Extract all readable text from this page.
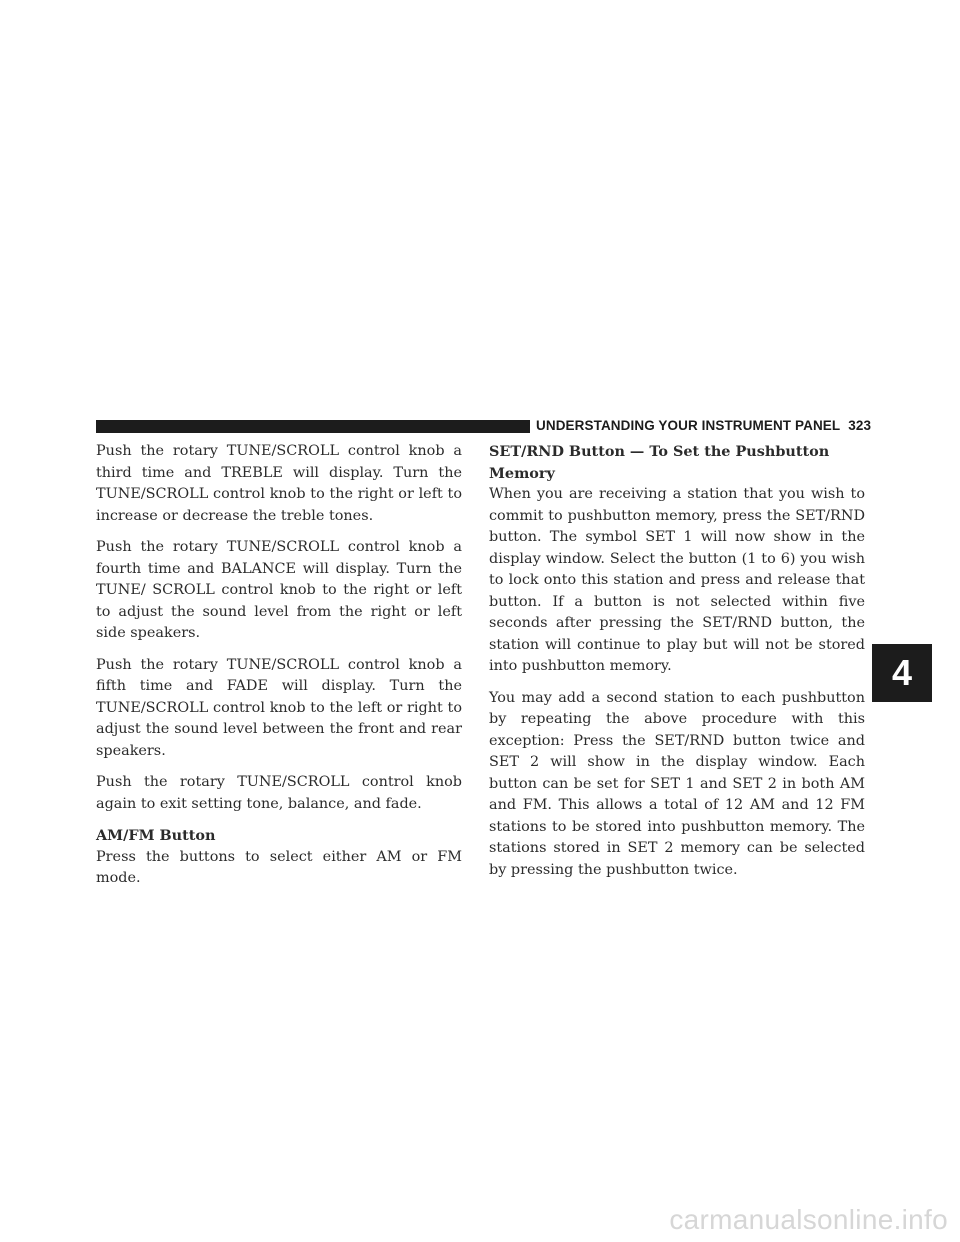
UNDERSTANDING YOUR INSTRUMENT PANEL 323

Push the rotary TUNE/SCROLL control knob a third time and TREBLE will display. Turn the TUNE/SCROLL control knob to the right or left to increase or decrease the treble tones.

Push the rotary TUNE/SCROLL control knob a fourth time and BALANCE will display. Turn the TUNE/ SCROLL control knob to the right or left to adjust the sound level from the right or left side speakers.

Push the rotary TUNE/SCROLL control knob a fifth time and FADE will display. Turn the TUNE/SCROLL control knob to the left or right to adjust the sound level between the front and rear speakers.

Push the rotary TUNE/SCROLL control knob again to exit setting tone, balance, and fade.

AM/FM Button

Press the buttons to select either AM or FM mode.

SET/RND Button — To Set the Pushbutton Memory

When you are receiving a station that you wish to commit to pushbutton memory, press the SET/RND button. The symbol SET 1 will now show in the display window. Select the button (1 to 6) you wish to lock onto this station and press and release that button. If a button is not selected within five seconds after pressing the SET/RND button, the station will continue to play but will not be stored into pushbutton memory.

You may add a second station to each pushbutton by repeating the above procedure with this exception: Press the SET/RND button twice and SET 2 will show in the display window. Each button can be set for SET 1 and SET 2 in both AM and FM. This allows a total of 12 AM and 12 FM stations to be stored into pushbutton memory. The stations stored in SET 2 memory can be selected by pressing the pushbutton twice.

4
carmanualsonline.info
